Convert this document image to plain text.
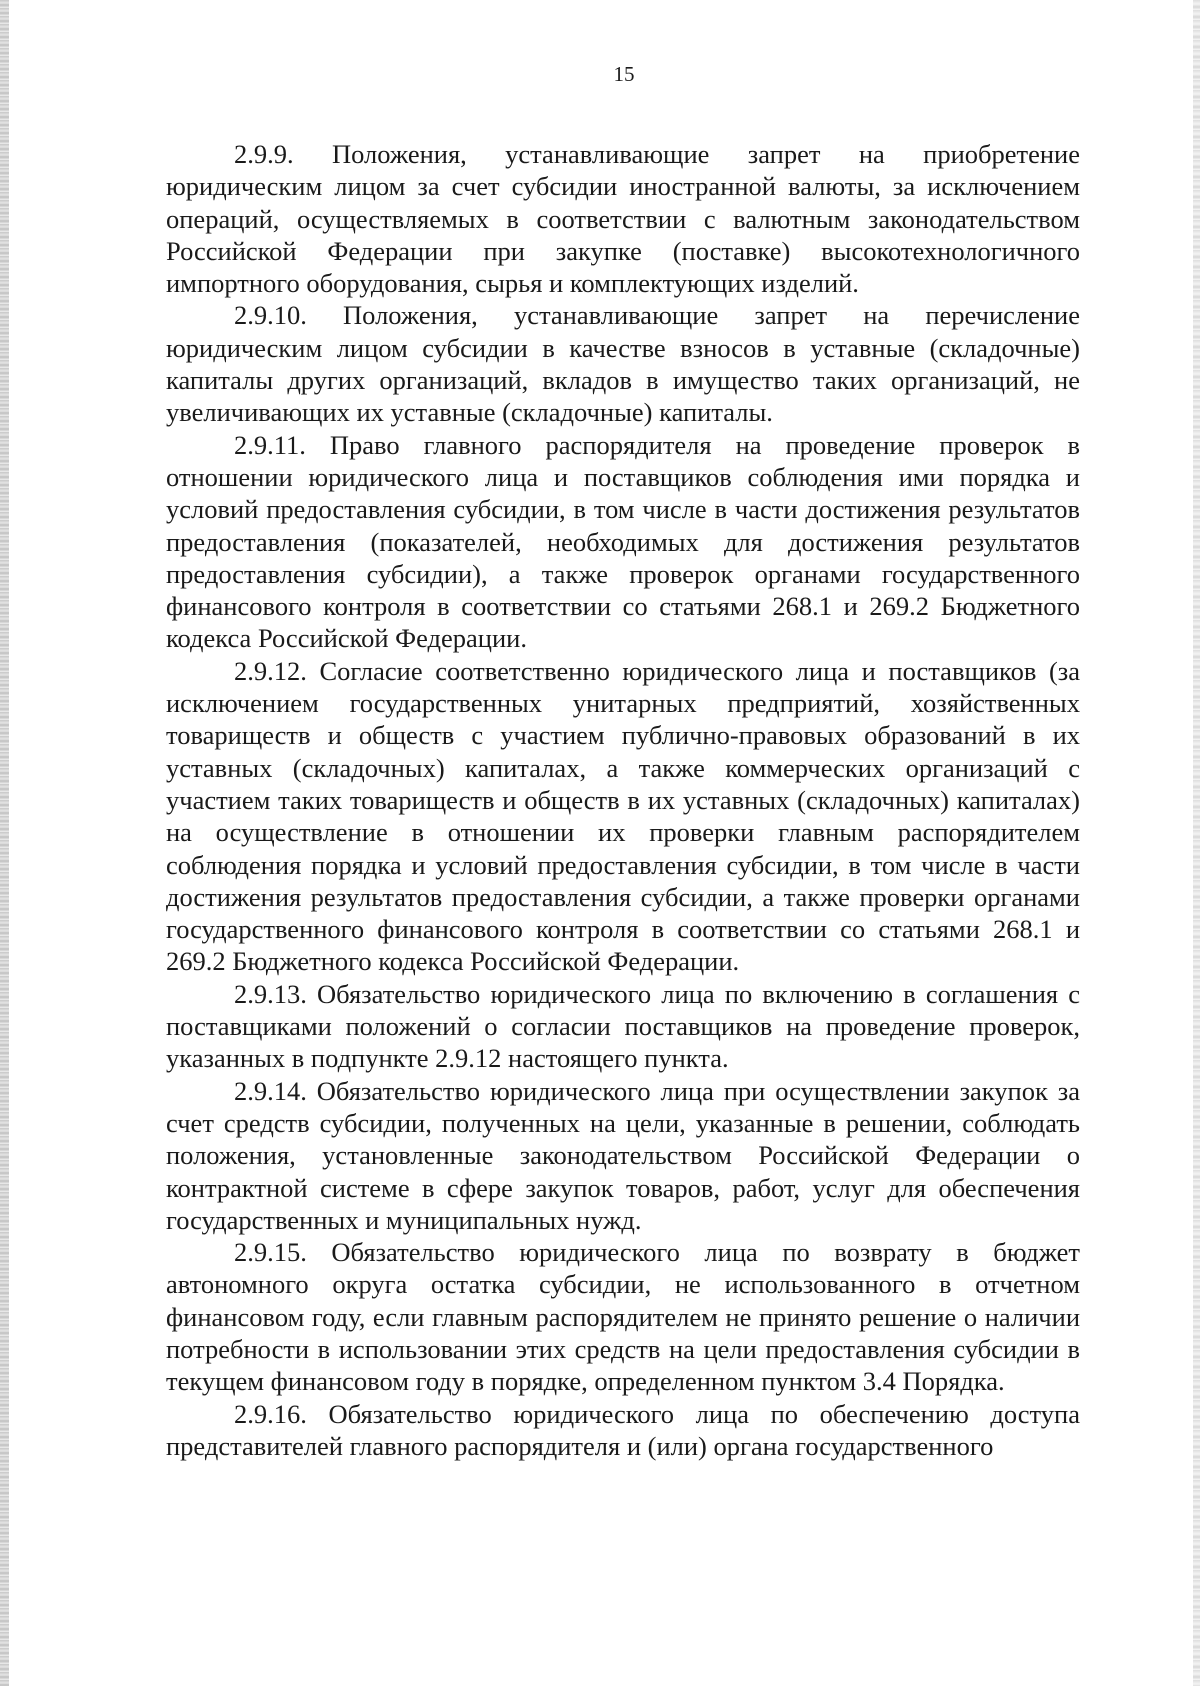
15

2.9.9. Положения, устанавливающие запрет на приобретение юридическим лицом за счет субсидии иностранной валюты, за исключением операций, осуществляемых в соответствии с валютным законодательством Российской Федерации при закупке (поставке) высокотехнологичного импортного оборудования, сырья и комплектующих изделий.

2.9.10. Положения, устанавливающие запрет на перечисление юридическим лицом субсидии в качестве взносов в уставные (складочные) капиталы других организаций, вкладов в имущество таких организаций, не увеличивающих их уставные (складочные) капиталы.

2.9.11. Право главного распорядителя на проведение проверок в отношении юридического лица и поставщиков соблюдения ими порядка и условий предоставления субсидии, в том числе в части достижения результатов предоставления (показателей, необходимых для достижения результатов предоставления субсидии), а также проверок органами государственного финансового контроля в соответствии со статьями 268.1 и 269.2 Бюджетного кодекса Российской Федерации.

2.9.12. Согласие соответственно юридического лица и поставщиков (за исключением государственных унитарных предприятий, хозяйственных товариществ и обществ с участием публично-правовых образований в их уставных (складочных) капиталах, а также коммерческих организаций с участием таких товариществ и обществ в их уставных (складочных) капиталах) на осуществление в отношении их проверки главным распорядителем соблюдения порядка и условий предоставления субсидии, в том числе в части достижения результатов предоставления субсидии, а также проверки органами государственного финансового контроля в соответствии со статьями 268.1 и 269.2 Бюджетного кодекса Российской Федерации.

2.9.13. Обязательство юридического лица по включению в соглашения с поставщиками положений о согласии поставщиков на проведение проверок, указанных в подпункте 2.9.12 настоящего пункта.

2.9.14. Обязательство юридического лица при осуществлении закупок за счет средств субсидии, полученных на цели, указанные в решении, соблюдать положения, установленные законодательством Российской Федерации о контрактной системе в сфере закупок товаров, работ, услуг для обеспечения государственных и муниципальных нужд.

2.9.15. Обязательство юридического лица по возврату в бюджет автономного округа остатка субсидии, не использованного в отчетном финансовом году, если главным распорядителем не принято решение о наличии потребности в использовании этих средств на цели предоставления субсидии в текущем финансовом году в порядке, определенном пунктом 3.4 Порядка.

2.9.16. Обязательство юридического лица по обеспечению доступа представителей главного распорядителя и (или) органа государственного
